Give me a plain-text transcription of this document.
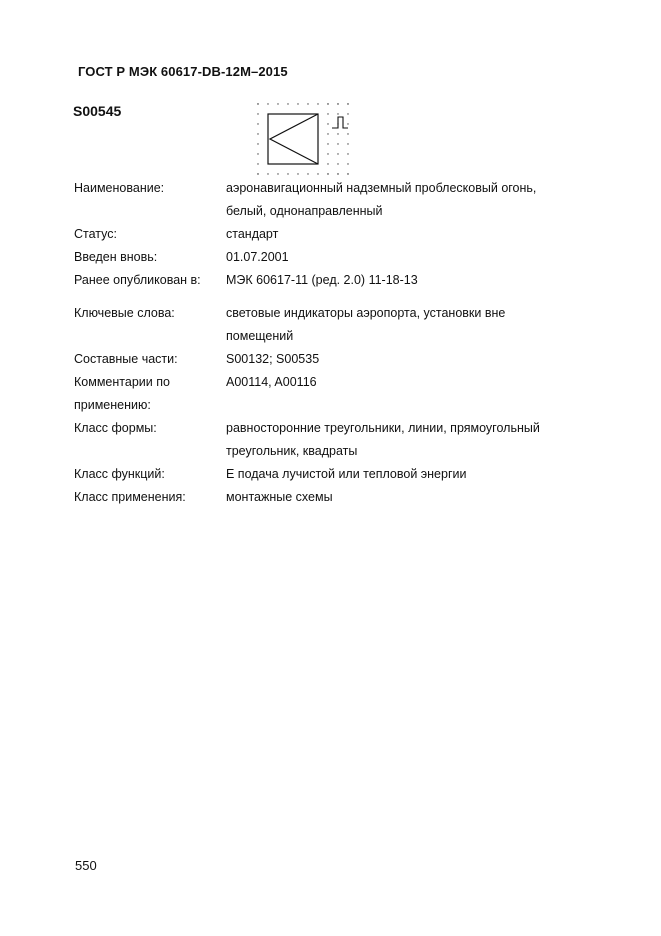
ГОСТ Р МЭК 60617-DB-12M–2015
S00545
Наименование:	аэронавигационный надземный проблесковый огонь,
белый, однонаправленный
Статус:	стандарт
Введен вновь:	01.07.2001
Ранее опубликован в:	МЭК 60617-11 (ред. 2.0) 11-18-13
Ключевые слова:	световые индикаторы аэропорта, установки вне
помещений
Составные части:	S00132; S00535
Комментарии по
применению:
A00114, A00116
Класс формы:	равносторонние треугольники, линии, прямоугольный
треугольник, квадраты
Класс функций:	E подача лучистой или тепловой энергии
Класс применения:	монтажные схемы
550
